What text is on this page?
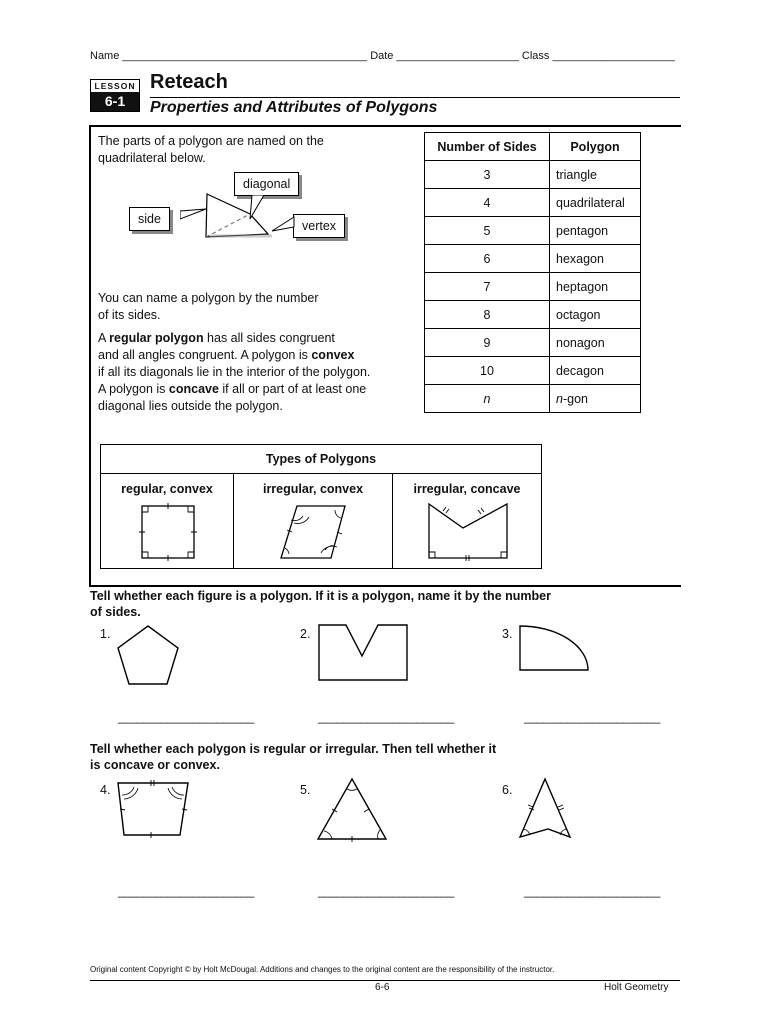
Name ________________________________________ Date ____________________ Class ____________________
LESSON
6-1
Reteach
Properties and Attributes of Polygons
The parts of a polygon are named on the
quadrilateral below.
diagonal
side	vertex
You can name a polygon by the number
of its sides.
A regular polygon has all sides congruent
and all angles congruent. A polygon is convex
if all its diagonals lie in the interior of the polygon.
A polygon is concave if all or part of at least one
diagonal lies outside the polygon.
Number of Sides	Polygon
3	triangle
4	quadrilateral
5	pentagon
6	hexagon
7	heptagon
8	octagon
9	nonagon
10	decagon
n	n-gon
Types of Polygons

regular, convex	irregular, convex	irregular, concave
Tell whether each figure is a polygon. If it is a polygon, name it by the number
of sides.
1.	2.	3.
______________________	______________________	______________________
Tell whether each polygon is regular or irregular. Then tell whether it
is concave or convex.
4.	5.	6.
______________________	______________________	______________________
Original content Copyright © by Holt McDougal. Additions and changes to the original content are the responsibility of the instructor.
6-6	Holt Geometry
